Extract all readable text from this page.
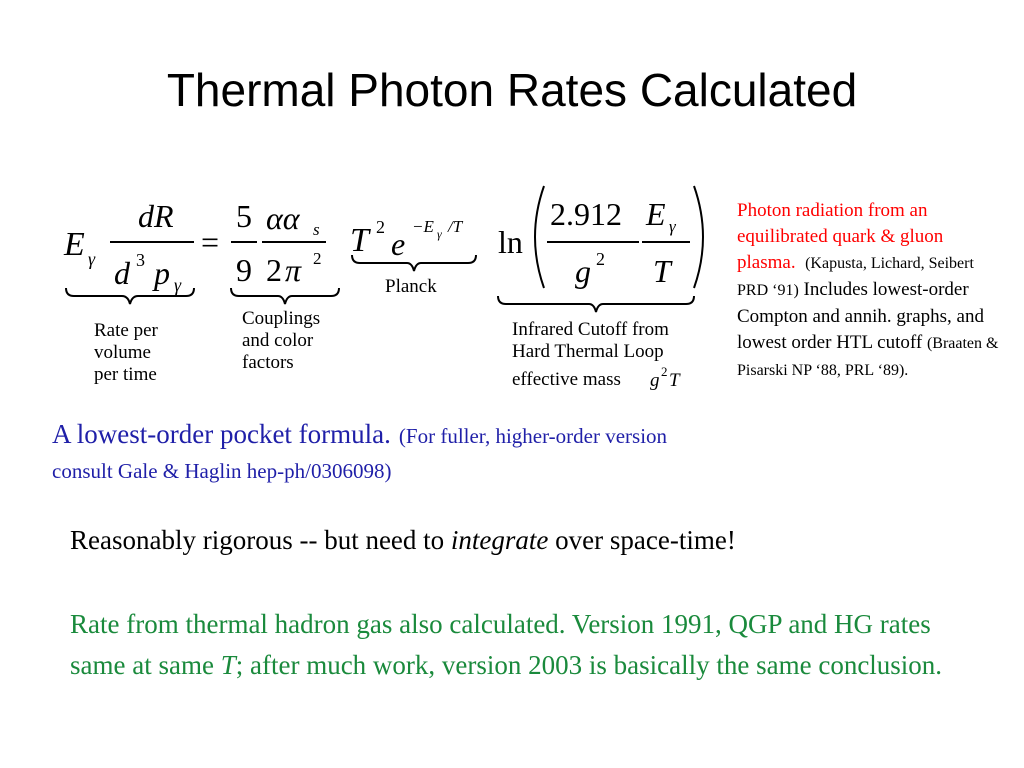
Thermal Photon Rates Calculated
E γ
dR
d 3 p γ
=
5
9
αα s
2 π 2 T 2 e −E γ /T ln
2.912
g 2
E γ
T
Rate per
volume
per time
Couplings
and color
factors
Planck
Infrared Cutoff from
Hard Thermal Loop
effective mass g 2 T
Photon radiation from an equilibrated quark & gluon plasma. (Kapusta, Lichard, Seibert PRD ‘91) Includes lowest-order Compton and annih. graphs, and lowest order HTL cutoff (Braaten & Pisarski NP ‘88, PRL ‘89).
A lowest-order pocket formula. (For fuller, higher-order version consult Gale & Haglin hep-ph/0306098)
Reasonably rigorous -- but need to integrate over space-time!
Rate from thermal hadron gas also calculated. Version 1991, QGP and HG rates same at same T; after much work, version 2003 is basically the same conclusion.
